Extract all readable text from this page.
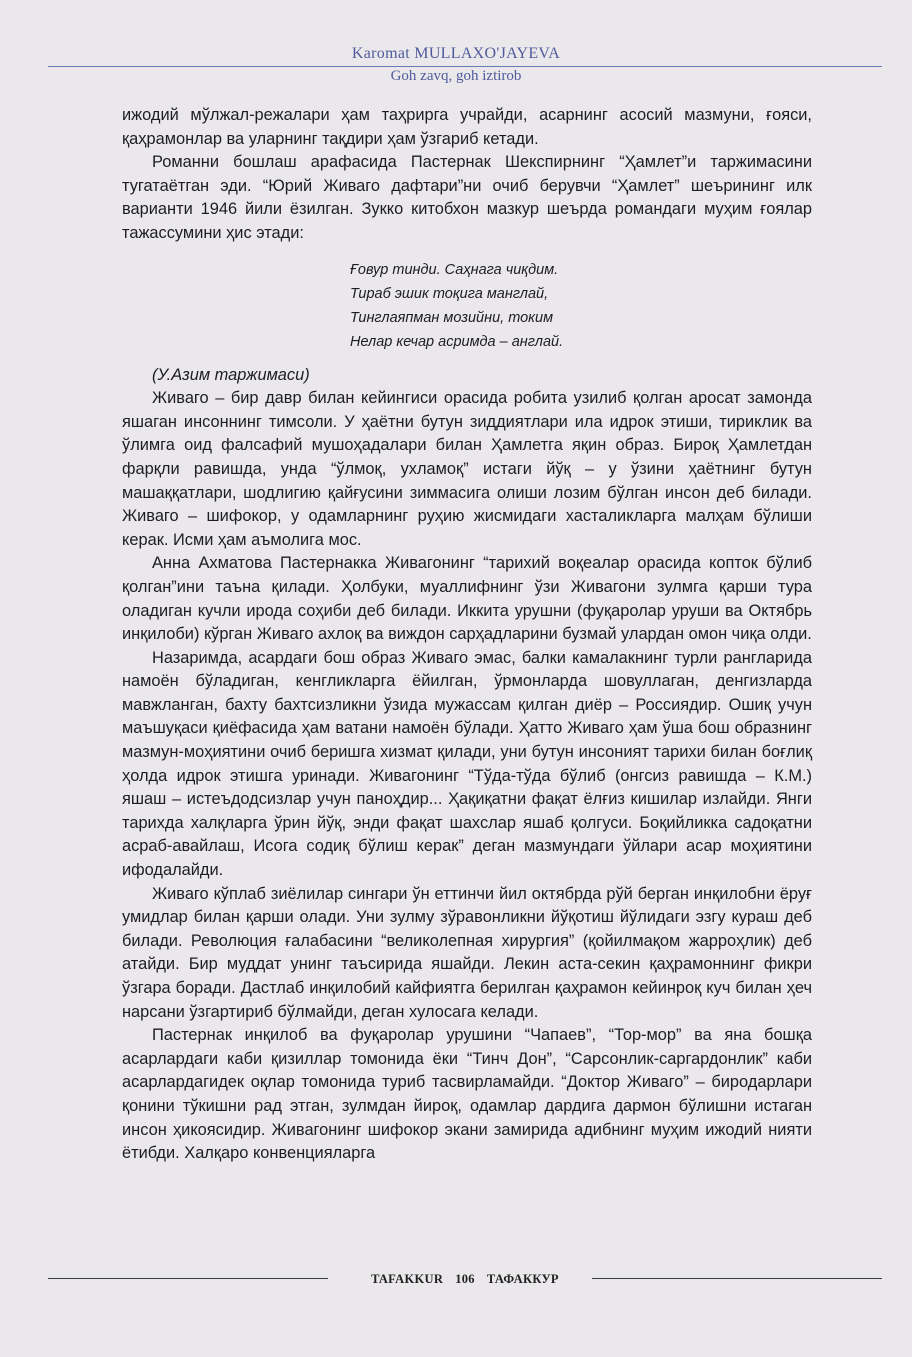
Karomat MULLAXO'JAYEVA
Goh zavq, goh iztirob

ижодий мўлжал-режалари ҳам таҳрирга учрайди, асарнинг асосий мазмуни, ғояси, қаҳрамонлар ва уларнинг тақдири ҳам ўзгариб кетади.

Романни бошлаш арафасида Пастернак Шекспирнинг “Ҳамлет”и таржимасини тугатаётган эди. “Юрий Живаго дафтари”ни очиб берувчи “Ҳамлет” шеърининг илк варианти 1946 йили ёзилган. Зукко китобхон мазкур шеърда романдаги муҳим ғоялар тажассумини ҳис этади:

Ғовур тинди. Саҳнага чиқдим.
Тираб эшик тоқига манглай,
Тинглаяпман мозийни, токим
Нелар кечар асримда – англай.

(У.Азим таржимаси)

Живаго – бир давр билан кейингиси орасида робита узилиб қолган аросат замонда яшаган инсоннинг тимсоли. У ҳаётни бутун зиддиятлари ила идрок этиши, тириклик ва ўлимга оид фалсафий мушоҳадалари билан Ҳамлетга яқин образ. Бироқ Ҳамлетдан фарқли равишда, унда “ўлмоқ, ухламоқ” истаги йўқ – у ўзини ҳаётнинг бутун машаққатлари, шодлигию қайғусини зиммасига олиши лозим бўлган инсон деб билади. Живаго – шифокор, у одамларнинг руҳию жисмидаги хасталикларга малҳам бўлиши керак. Исми ҳам аъмолига мос.

Анна Ахматова Пастернакка Живагонинг “тарихий воқеалар орасида копток бўлиб қолган”ини таъна қилади. Ҳолбуки, муаллифнинг ўзи Живагони зулмга қарши тура оладиган кучли ирода соҳиби деб билади. Иккита урушни (фуқаролар уруши ва Октябрь инқилоби) кўрган Живаго ахлоқ ва виждон сарҳадларини бузмай улардан омон чиқа олди.

Назаримда, асардаги бош образ Живаго эмас, балки камалакнинг турли рангларида намоён бўладиган, кенгликларга ёйилган, ўрмонларда шовуллаган, денгизларда мавжланган, бахту бахтсизликни ўзида мужассам қилган диёр – Россиядир. Ошиқ учун маъшуқаси қиёфасида ҳам ватани намоён бўлади. Ҳатто Живаго ҳам ўша бош образнинг мазмун-моҳиятини очиб беришга хизмат қилади, уни бутун инсоният тарихи билан боғлиқ ҳолда идрок этишга уринади. Живагонинг “Тўда-тўда бўлиб (онгсиз равишда – К.М.) яшаш – истеъдодсизлар учун паноҳдир... Ҳақиқатни фақат ёлғиз кишилар излайди. Янги тарихда халқларга ўрин йўқ, энди фақат шахслар яшаб қолгуси. Боқийликка садоқатни асраб-авайлаш, Исога содиқ бўлиш керак” деган мазмундаги ўйлари асар моҳиятини ифодалайди.

Живаго кўплаб зиёлилар сингари ўн еттинчи йил октябрда рўй берган инқилобни ёруғ умидлар билан қарши олади. Уни зулму зўравонликни йўқотиш йўлидаги эзгу кураш деб билади. Революция ғалабасини “великолепная хирургия” (қойилмақом жарроҳлик) деб атайди. Бир муддат унинг таъсирида яшайди. Лекин аста-секин қаҳрамоннинг фикри ўзгара боради. Дастлаб инқилобий кайфиятга берилган қаҳрамон кейинроқ куч билан ҳеч нарсани ўзгартириб бўлмайди, деган хулосага келади.

Пастернак инқилоб ва фуқаролар урушини “Чапаев”, “Тор-мор” ва яна бошқа асарлардаги каби қизиллар томонида ёки “Тинч Дон”, “Сарсонлик-саргардонлик” каби асарлардагидек оқлар томонида туриб тасвирламайди. “Доктор Живаго” – биродарлари қонини тўкишни рад этган, зулмдан йироқ, одамлар дардига дармон бўлишни истаган инсон ҳикоясидир. Живагонинг шифокор экани замирида адибнинг муҳим ижодий нияти ётибди. Халқаро конвенцияларга

TAFAKKUR 106 ТАФАККУР
